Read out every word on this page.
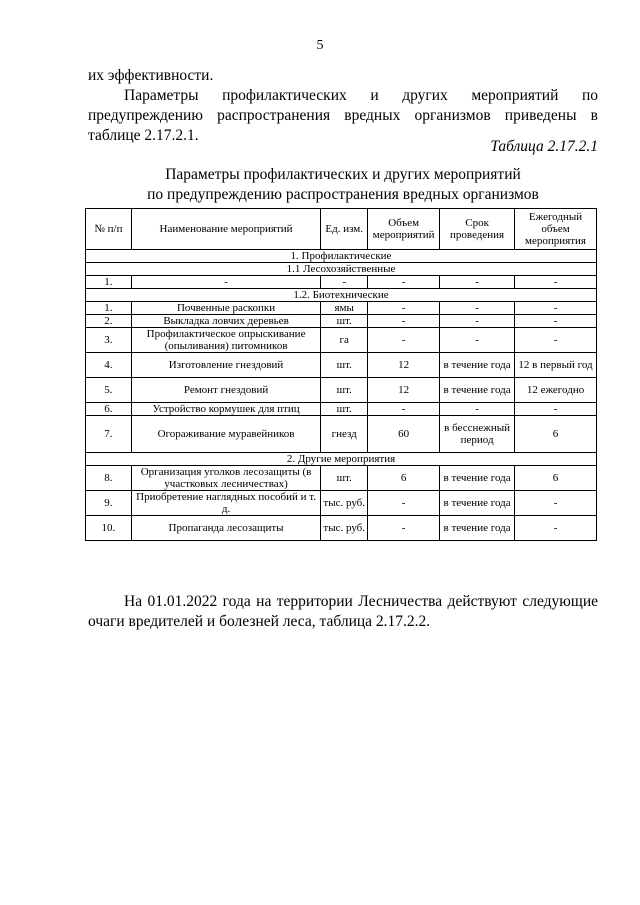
5

их эффективности.

Параметры профилактических и других мероприятий по предупреждению распространения вредных организмов приведены в таблице 2.17.2.1.

Таблица 2.17.2.1
Параметры профилактических и других мероприятий
по предупреждению распространения вредных организмов
№ п/п	Наименование мероприятий	Ед. изм.	Объем мероприятий	Срок проведения	Ежегодный объем мероприятия
1. Профилактические					
1.1 Лесохозяйственные					
1.	-	-	-	-	-
1.2. Биотехнические					
1.	Почвенные раскопки	ямы	-	-	-
2.	Выкладка ловчих деревьев	шт.	-	-	-
3.	Профилактическое опрыскивание (опыливания) питомников	га	-	-	-
4.	Изготовление гнездовий	шт.	12	в течение года	12 в первый год
5.	Ремонт гнездовий	шт.	12	в течение года	12 ежегодно
6.	Устройство кормушек для птиц	шт.	-	-	-
7.	Огораживание муравейников	гнезд	60	в бесснежный период	6
2. Другие мероприятия					
8.	Организация уголков лесозащиты (в участковых лесничествах)	шт.	6	в течение года	6
9.	Приобретение наглядных пособий и т. д.	тыс. руб.	-	в течение года	-
10.	Пропаганда лесозащиты	тыс. руб.	-	в течение года	-

На 01.01.2022 года на территории Лесничества действуют следующие очаги вредителей и болезней леса, таблица 2.17.2.2.
